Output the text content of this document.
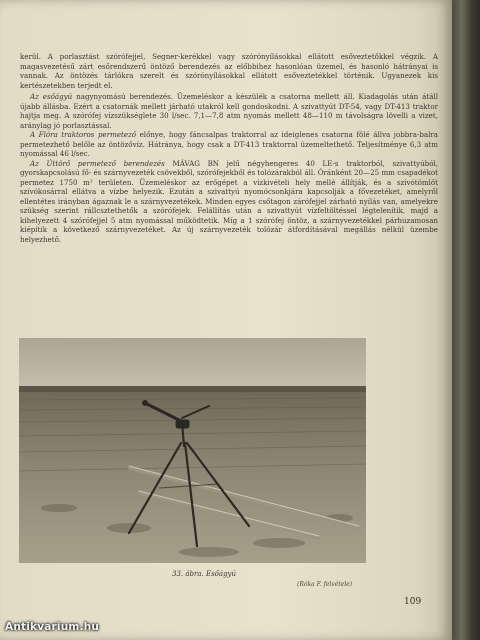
kerül. A porlasztást szórófejjel, Segner-kerékkel vagy szórónyílásokkal ellátott esőveztetőkkel végzik. A magasvezetésű zárt esőrendszerű öntöző berendezés az előbbihez hasonlóan üzemel, és hasonló hátrányai is vannak. Az öntözés tárlókra szerelt és szórónyílásokkal ellátott esőveztetékkel történik. Ugyanezek kis kertészetekben terjedt el.

Az esőágyú nagynyomású berendezés. Üzemeléskor a készülék a csatorna mellett áll. Kiadagolás után átáll újabb állásba. Ezért a csatornák mellett járható utakról kell gondoskodni. A szivattyút DT-54, vagy DT-413 traktor hajtja meg. A szórófej vízszükséglete 30 l/sec. 7,1—7,8 atm nyomás mellett 48—110 m távolságra lövelli a vizet, aránylag jó porlasztással.

A Flóra traktoros permetező előnye, hogy fáncsalpas traktorral az ideiglenes csatorna fölé állva jobbra-balra permetezhető belőle az öntözővíz. Hátránya, hogy csak a DT-413 traktorral üzemeltethető. Teljesítménye 6,3 atm nyomással 46 l/sec.

Az Úttörő permetező berendezés MÁVAG BN jelű négyhengeres 40 LE-s traktorból, szivattyúból, gyorskapcsolású fő- és szárnyvezeték csövekből, szórófejekből és tolózárakból áll. Óránként 20—25 mm csapadékot permetez 1750 m² területen. Üzemeléskor az erőgépet a vízkivételi hely mellé állítják, és a szívótömlőt szívókosárral ellátva a vízbe helyezik. Ezután a szivattyú nyomócsonkjára kapcsolják a fővezetéket, amelyről ellentétes irányban ágaznak le a szárnyvezetékek. Minden egyes csőtagon zárófejjel zárható nyílás van, amelyekre szükség szerint rállcsztethetők a szórófejek. Felállítás után a szivattyút vízfeltöltéssel légtelenítik, majd a kihelyezett 4 szórófejjel 5 atm nyomással működtetik. Míg a 1 szórófej öntöz, a szárnyvezetékkel párhuzamosan kiépítik a következő szárnyvezetéket. Az új szárnyvezeték tolózár átfordításával megállás nélkül üzembe helyezhető.

33. ábra. Esőágyú
(Róka F. felvétele)
109
Antikvarium.hu
